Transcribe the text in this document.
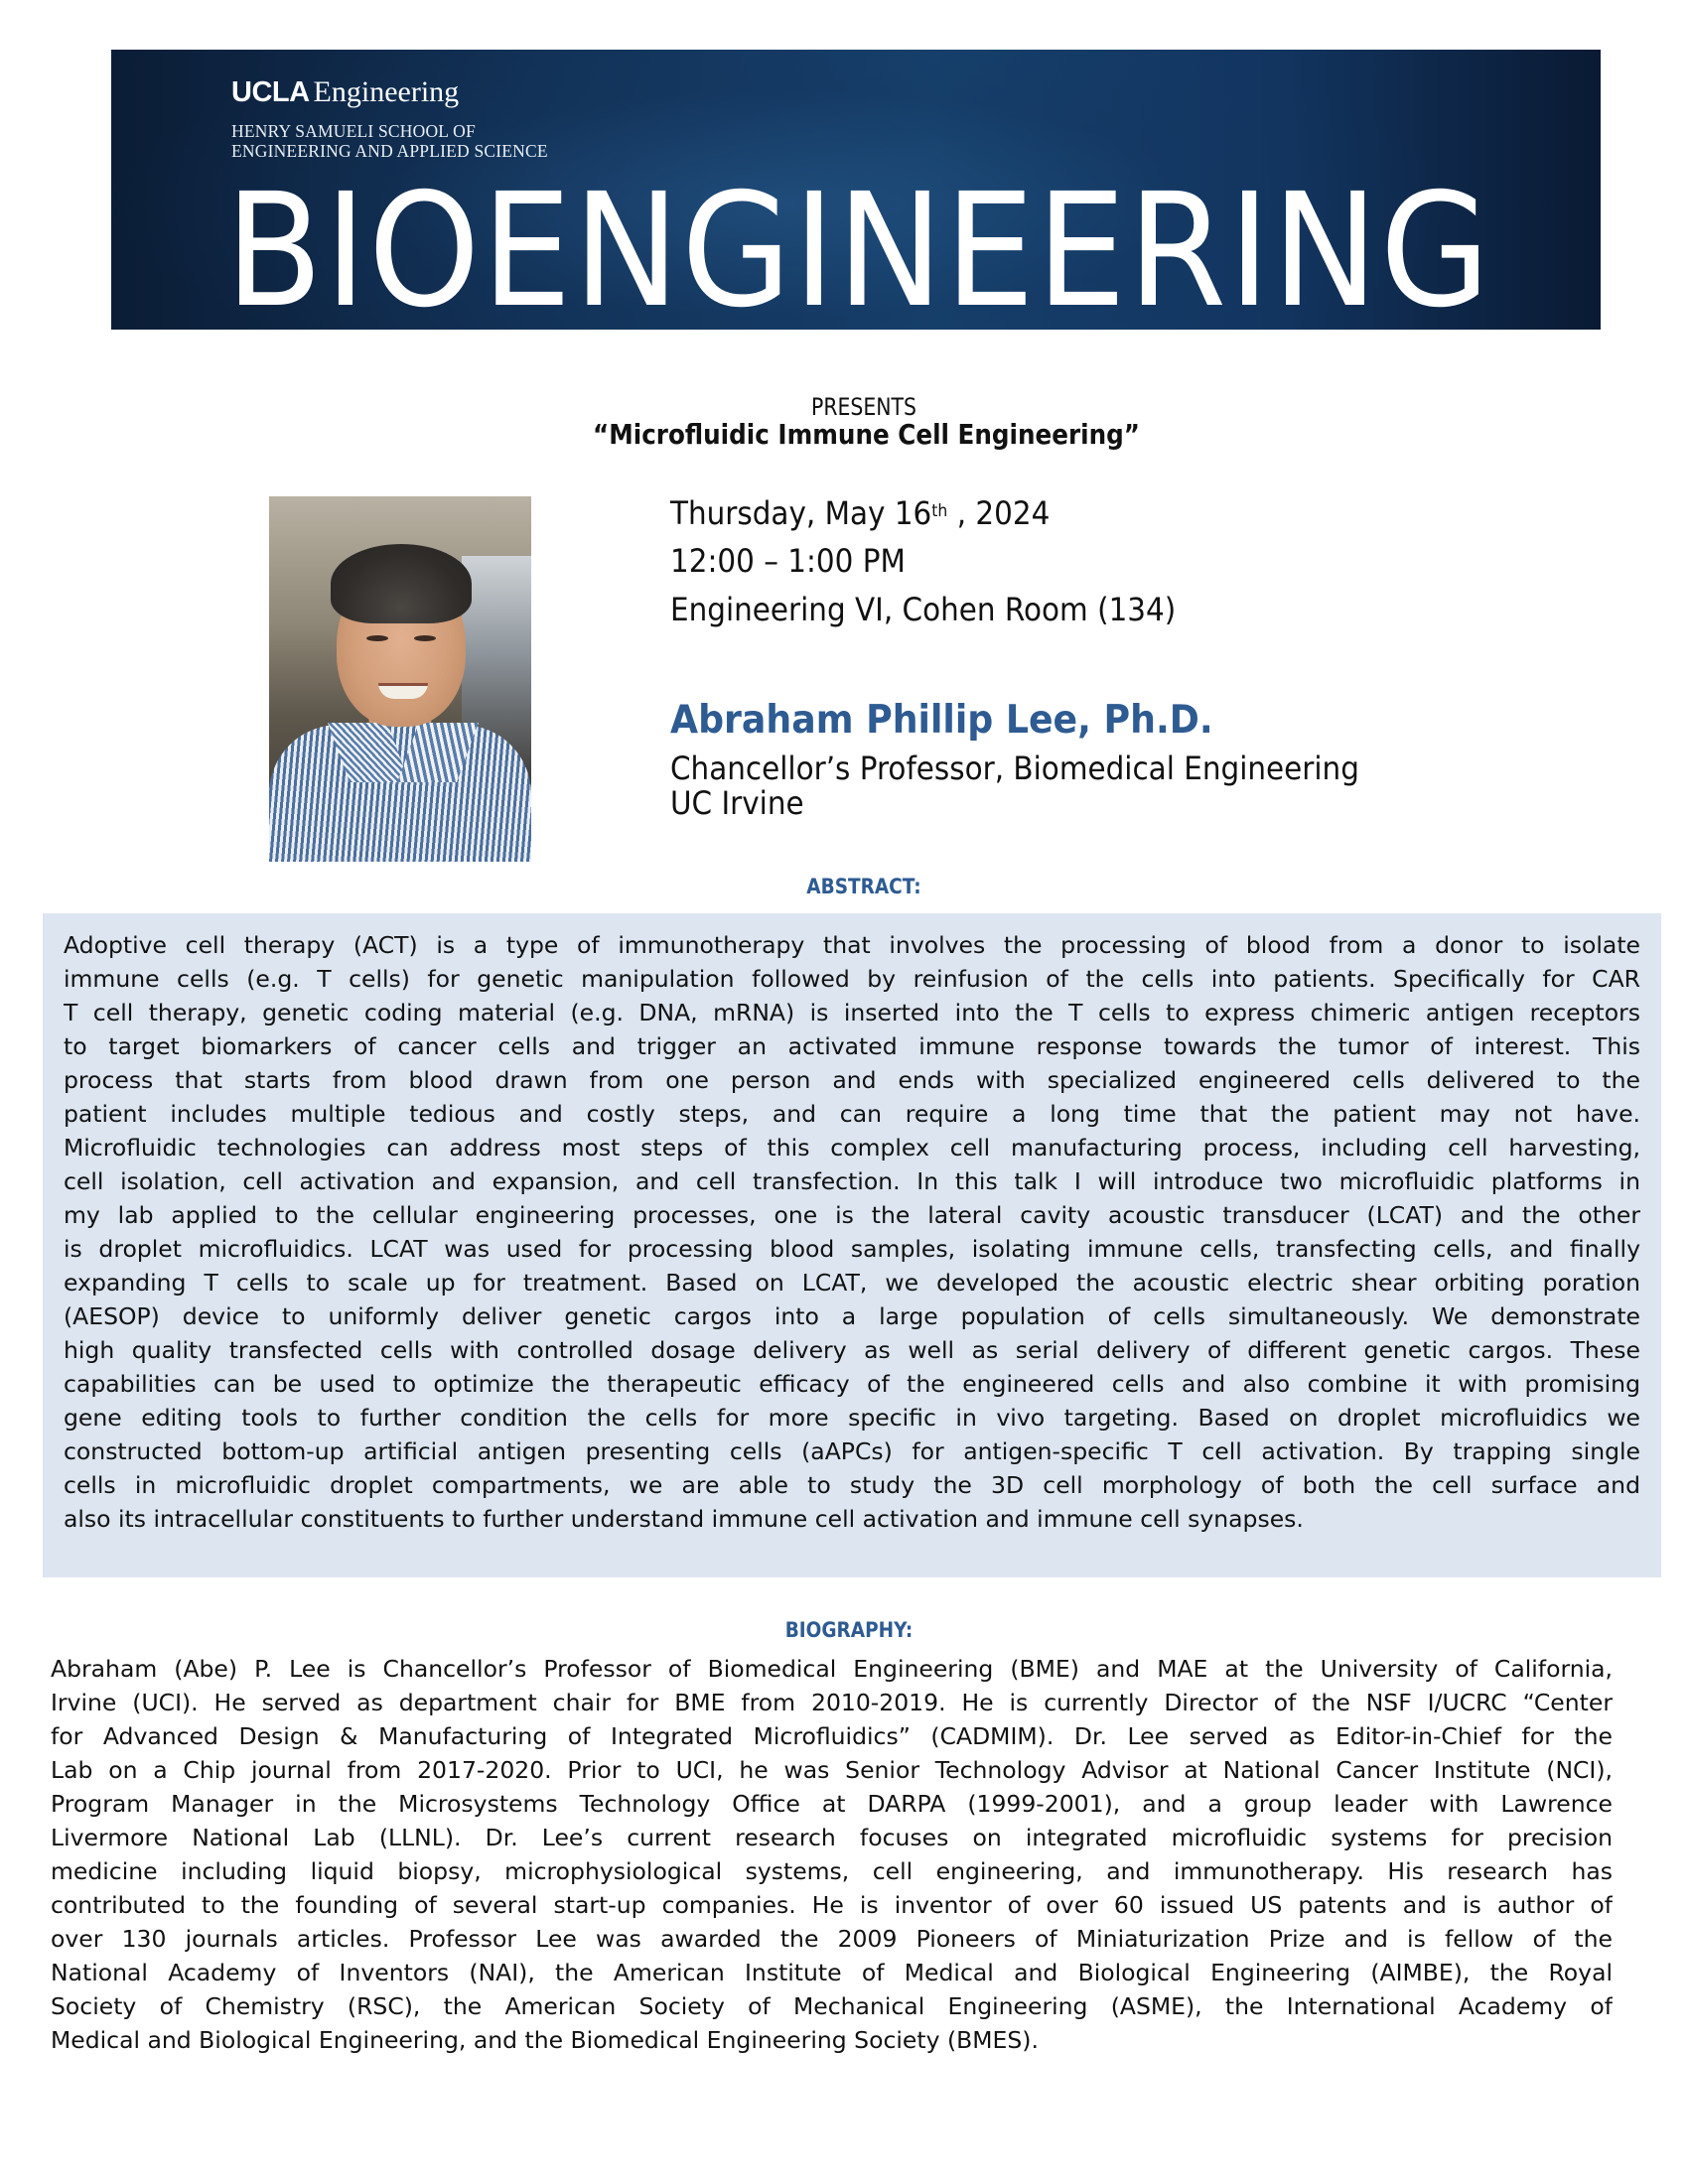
UCLA Engineering
HENRY SAMUELI SCHOOL OF
ENGINEERING AND APPLIED SCIENCE
BIOENGINEERING
PRESENTS
“Microfluidic Immune Cell Engineering”
Thursday, May 16th , 2024
12:00 – 1:00 PM
Engineering VI, Cohen Room (134)
Abraham Phillip Lee, Ph.D.
Chancellor’s Professor, Biomedical Engineering
UC Irvine
ABSTRACT:
Adoptive cell therapy (ACT) is a type of immunotherapy that involves the processing of blood from a donor to isolate
immune cells (e.g. T cells) for genetic manipulation followed by reinfusion of the cells into patients. Specifically for CAR
T cell therapy, genetic coding material (e.g. DNA, mRNA) is inserted into the T cells to express chimeric antigen receptors
to target biomarkers of cancer cells and trigger an activated immune response towards the tumor of interest. This
process that starts from blood drawn from one person and ends with specialized engineered cells delivered to the
patient includes multiple tedious and costly steps, and can require a long time that the patient may not have.
Microfluidic technologies can address most steps of this complex cell manufacturing process, including cell harvesting,
cell isolation, cell activation and expansion, and cell transfection. In this talk I will introduce two microfluidic platforms in
my lab applied to the cellular engineering processes, one is the lateral cavity acoustic transducer (LCAT) and the other
is droplet microfluidics. LCAT was used for processing blood samples, isolating immune cells, transfecting cells, and finally
expanding T cells to scale up for treatment. Based on LCAT, we developed the acoustic electric shear orbiting poration
(AESOP) device to uniformly deliver genetic cargos into a large population of cells simultaneously. We demonstrate
high quality transfected cells with controlled dosage delivery as well as serial delivery of different genetic cargos. These
capabilities can be used to optimize the therapeutic efficacy of the engineered cells and also combine it with promising
gene editing tools to further condition the cells for more specific in vivo targeting. Based on droplet microfluidics we
constructed bottom-up artificial antigen presenting cells (aAPCs) for antigen-specific T cell activation. By trapping single
cells in microfluidic droplet compartments, we are able to study the 3D cell morphology of both the cell surface and
also its intracellular constituents to further understand immune cell activation and immune cell synapses.
BIOGRAPHY:
Abraham (Abe) P. Lee is Chancellor’s Professor of Biomedical Engineering (BME) and MAE at the University of California,
Irvine (UCI). He served as department chair for BME from 2010-2019. He is currently Director of the NSF I/UCRC “Center
for Advanced Design & Manufacturing of Integrated Microfluidics” (CADMIM). Dr. Lee served as Editor-in-Chief for the
Lab on a Chip journal from 2017-2020. Prior to UCI, he was Senior Technology Advisor at National Cancer Institute (NCI),
Program Manager in the Microsystems Technology Office at DARPA (1999-2001), and a group leader with Lawrence
Livermore National Lab (LLNL). Dr. Lee’s current research focuses on integrated microfluidic systems for precision
medicine including liquid biopsy, microphysiological systems, cell engineering, and immunotherapy. His research has
contributed to the founding of several start-up companies. He is inventor of over 60 issued US patents and is author of
over 130 journals articles. Professor Lee was awarded the 2009 Pioneers of Miniaturization Prize and is fellow of the
National Academy of Inventors (NAI), the American Institute of Medical and Biological Engineering (AIMBE), the Royal
Society of Chemistry (RSC), the American Society of Mechanical Engineering (ASME), the International Academy of
Medical and Biological Engineering, and the Biomedical Engineering Society (BMES).
